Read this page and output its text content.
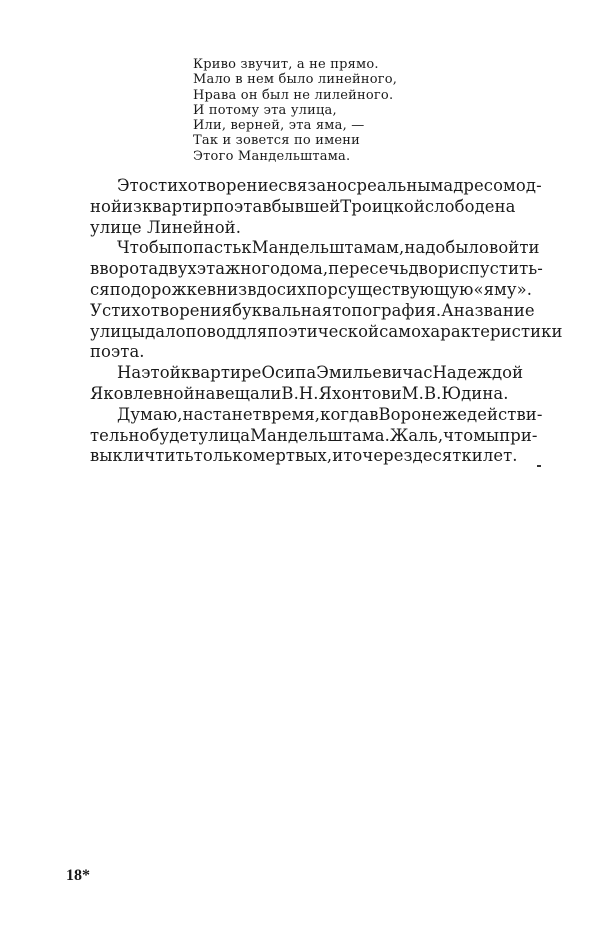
Криво звучит, а не прямо.
Мало в нем было линейного,
Нрава он был не лилейного.
И потому эта улица,
Или, верней, эта яма, —
Так и зовется по имени
Этого Мандельштама.
Этостихотворениесвязаносреальнымадресомод-
нойизквартирпоэтавбывшейТроицкойслободена
улице Линейной.
ЧтобыпопастькМандельштамам,надобыловойти
вворотадвухэтажногодома,пересечьдвориспустить-
сяподорожкевнизвдосихпорсуществующую«яму».
Устихотворениябуквальнаятопография.Аназвание
улицыдалоповоддляпоэтическойсамохарактеристики
поэта.
НаэтойквартиреОсипаЭмильевичасНадеждой
ЯковлевнойнавещалиВ.Н.ЯхонтовиМ.В.Юдина.
Думаю,настанетвремя,когдавВоронежедействи-
тельнобудетулицаМандельштама.Жаль,чтомыпри-
выкличтитьтолькомертвых,иточерездесяткилет.
18*
